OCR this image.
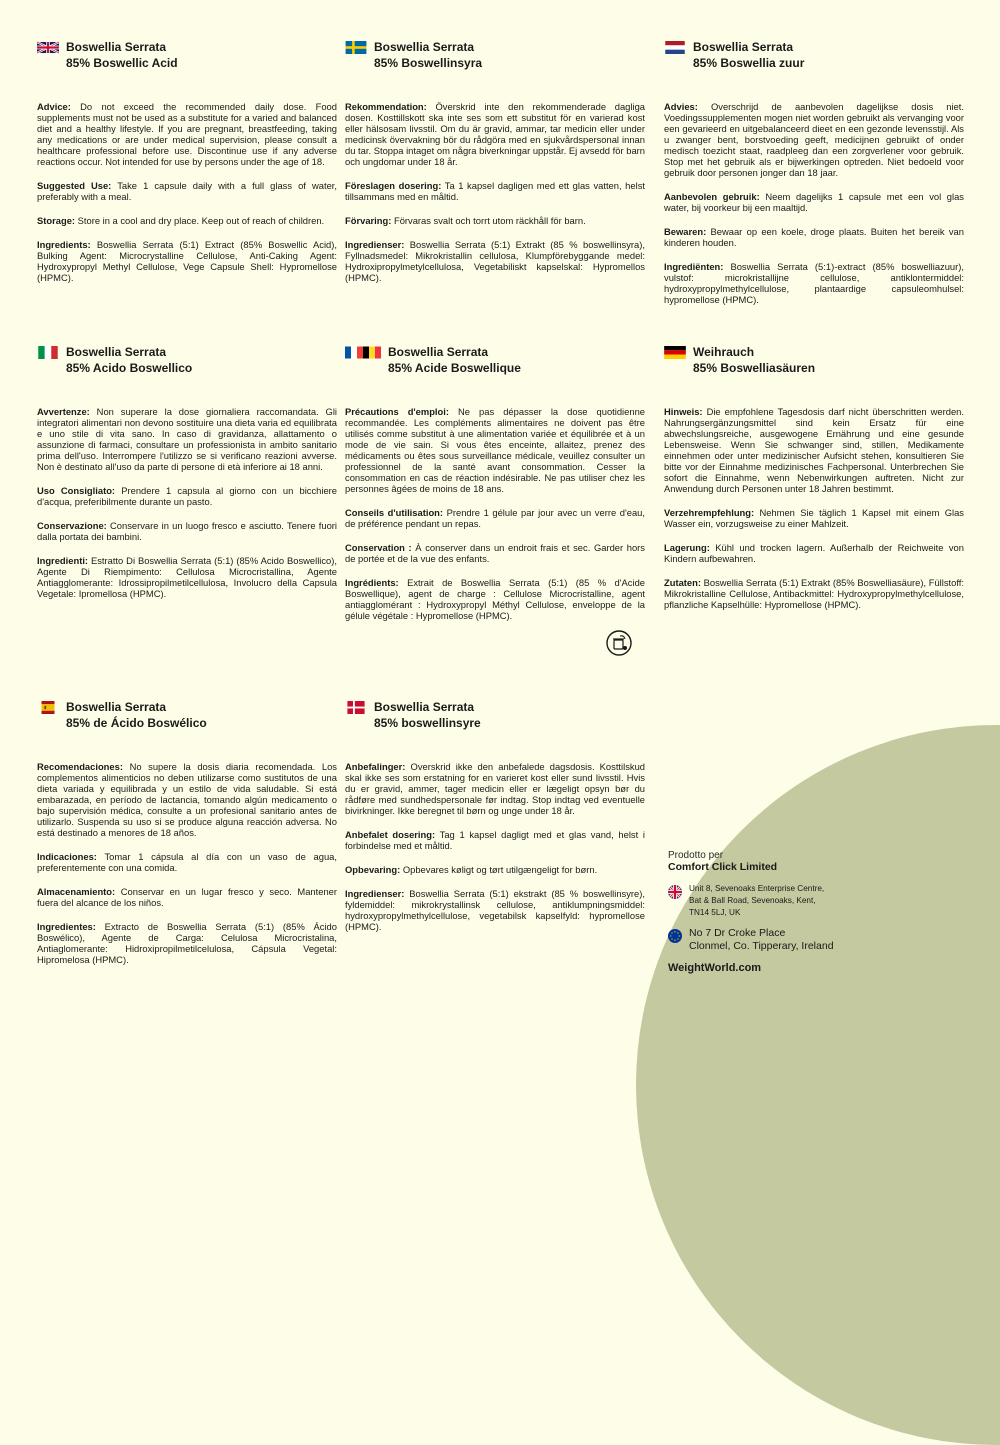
Boswellia Serrata
85% Boswellic Acid
Advice: Do not exceed the recommended daily dose. Food supplements must not be used as a substitute for a varied and balanced diet and a healthy lifestyle. If you are pregnant, breastfeeding, taking any medications or are under medical supervision, please consult a healthcare professional before use. Discontinue use if any adverse reactions occur. Not intended for use by persons under the age of 18.
Suggested Use: Take 1 capsule daily with a full glass of water, preferably with a meal.
Storage: Store in a cool and dry place. Keep out of reach of children.
Ingredients: Boswellia Serrata (5:1) Extract (85% Boswellic Acid), Bulking Agent: Microcrystalline Cellulose, Anti-Caking Agent: Hydroxypropyl Methyl Cellulose, Vege Capsule Shell: Hypromellose (HPMC).
Boswellia Serrata
85% Boswellinsyra
Rekommendation: Överskrid inte den rekommenderade dagliga dosen. Kosttillskott ska inte ses som ett substitut för en varierad kost eller hälsosam livsstil. Om du är gravid, ammar, tar medicin eller under medicinsk övervakning bör du rådgöra med en sjukvårdspersonal innan du tar. Stoppa intaget om några biverkningar uppstår. Ej avsedd för barn och ungdomar under 18 år.
Föreslagen dosering: Ta 1 kapsel dagligen med ett glas vatten, helst tillsammans med en måltid.
Förvaring: Förvaras svalt och torrt utom räckhåll för barn.
Ingredienser: Boswellia Serrata (5:1) Extrakt (85 % boswellinsyra), Fyllnadsmedel: Mikrokristallin cellulosa, Klumpförebyggande medel: Hydroxipropylmetylcellulosa, Vegetabiliskt kapselskal: Hypromellos (HPMC).
Boswellia Serrata
85% Boswellia zuur
Advies: Overschrijd de aanbevolen dagelijkse dosis niet. Voedingssupplementen mogen niet worden gebruikt als vervanging voor een gevarieerd en uitgebalanceerd dieet en een gezonde levensstijl. Als u zwanger bent, borstvoeding geeft, medicijnen gebruikt of onder medisch toezicht staat, raadpleeg dan een zorgverlener voor gebruik. Stop met het gebruik als er bijwerkingen optreden. Niet bedoeld voor gebruik door personen jonger dan 18 jaar.
Aanbevolen gebruik: Neem dagelijks 1 capsule met een vol glas water, bij voorkeur bij een maaltijd.
Bewaren: Bewaar op een koele, droge plaats. Buiten het bereik van kinderen houden.
Ingrediënten: Boswellia Serrata (5:1)-extract (85% boswelliazuur), vulstof: microkristallijne cellulose, antiklontermiddel: hydroxypropylmethylcellulose, plantaardige capsuleomhulsel: hypromellose (HPMC).
Boswellia Serrata
85% Acido Boswellico
Avvertenze: Non superare la dose giornaliera raccomandata. Gli integratori alimentari non devono sostituire una dieta varia ed equilibrata e uno stile di vita sano. In caso di gravidanza, allattamento o assunzione di farmaci, consultare un professionista in ambito sanitario prima dell'uso. Interrompere l'utilizzo se si verificano reazioni avverse. Non è destinato all'uso da parte di persone di età inferiore ai 18 anni.
Uso Consigliato: Prendere 1 capsula al giorno con un bicchiere d'acqua, preferibilmente durante un pasto.
Conservazione: Conservare in un luogo fresco e asciutto. Tenere fuori dalla portata dei bambini.
Ingredienti: Estratto Di Boswellia Serrata (5:1) (85% Acido Boswellico), Agente Di Riempimento: Cellulosa Microcristallina, Agente Antiagglomerante: Idrossipropilmetilcellulosa, Involucro della Capsula Vegetale: Ipromellosa (HPMC).
Boswellia Serrata
85% Acide Boswellique
Précautions d'emploi: Ne pas dépasser la dose quotidienne recommandée. Les compléments alimentaires ne doivent pas être utilisés comme substitut à une alimentation variée et équilibrée et à un mode de vie sain. Si vous êtes enceinte, allaitez, prenez des médicaments ou êtes sous surveillance médicale, veuillez consulter un professionnel de la santé avant consommation. Cesser la consommation en cas de réaction indésirable. Ne pas utiliser chez les personnes âgées de moins de 18 ans.
Conseils d'utilisation: Prendre 1 gélule par jour avec un verre d'eau, de préférence pendant un repas.
Conservation : À conserver dans un endroit frais et sec. Garder hors de portée et de la vue des enfants.
Ingrédients: Extrait de Boswellia Serrata (5:1) (85 % d'Acide Boswellique), agent de charge : Cellulose Microcristalline, agent antiagglomérant : Hydroxypropyl Méthyl Cellulose, enveloppe de la gélule végétale : Hypromellose (HPMC).
Weihrauch
85% Boswelliasäuren
Hinweis: Die empfohlene Tagesdosis darf nicht überschritten werden. Nahrungsergänzungsmittel sind kein Ersatz für eine abwechslungsreiche, ausgewogene Ernährung und eine gesunde Lebensweise. Wenn Sie schwanger sind, stillen, Medikamente einnehmen oder unter medizinischer Aufsicht stehen, konsultieren Sie bitte vor der Einnahme medizinisches Fachpersonal. Unterbrechen Sie sofort die Einnahme, wenn Nebenwirkungen auftreten. Nicht zur Anwendung durch Personen unter 18 Jahren bestimmt.
Verzehrempfehlung: Nehmen Sie täglich 1 Kapsel mit einem Glas Wasser ein, vorzugsweise zu einer Mahlzeit.
Lagerung: Kühl und trocken lagern. Außerhalb der Reichweite von Kindern aufbewahren.
Zutaten: Boswellia Serrata (5:1) Extrakt (85% Boswelliasäure), Füllstoff: Mikrokristalline Cellulose, Antibackmittel: Hydroxypropylmethylcellulose, pflanzliche Kapselhülle: Hypromellose (HPMC).
Boswellia Serrata
85% de Ácido Boswélico
Recomendaciones: No supere la dosis diaria recomendada. Los complementos alimenticios no deben utilizarse como sustitutos de una dieta variada y equilibrada y un estilo de vida saludable. Si está embarazada, en período de lactancia, tomando algún medicamento o bajo supervisión médica, consulte a un profesional sanitario antes de utilizarlo. Suspenda su uso si se produce alguna reacción adversa. No está destinado a menores de 18 años.
Indicaciones: Tomar 1 cápsula al día con un vaso de agua, preferentemente con una comida.
Almacenamiento: Conservar en un lugar fresco y seco. Mantener fuera del alcance de los niños.
Ingredientes: Extracto de Boswellia Serrata (5:1) (85% Ácido Boswélico), Agente de Carga: Celulosa Microcristalina, Antiaglomerante: Hidroxipropilmetilcelulosa, Cápsula Vegetal: Hipromelosa (HPMC).
Boswellia Serrata
85% boswellinsyre
Anbefalinger: Overskrid ikke den anbefalede dagsdosis. Kosttilskud skal ikke ses som erstatning for en varieret kost eller sund livsstil. Hvis du er gravid, ammer, tager medicin eller er lægeligt opsyn bør du rådføre med sundhedspersonale før indtag. Stop indtag ved eventuelle bivirkninger. Ikke beregnet til børn og unge under 18 år.
Anbefalet dosering: Tag 1 kapsel dagligt med et glas vand, helst i forbindelse med et måltid.
Opbevaring: Opbevares køligt og tørt utilgængeligt for børn.
Ingredienser: Boswellia Serrata (5:1) ekstrakt (85 % boswellinsyre), fyldemiddel: mikrokrystallinsk cellulose, antiklumpningsmiddel: hydroxypropylmethylcellulose, vegetabilsk kapselfyld: hypromellose (HPMC).
Prodotto per
Comfort Click Limited
Unit 8, Sevenoaks Enterprise Centre,
Bat & Ball Road, Sevenoaks, Kent,
TN14 5LJ, UK
No 7 Dr Croke Place
Clonmel, Co. Tipperary, Ireland
WeightWorld.com
